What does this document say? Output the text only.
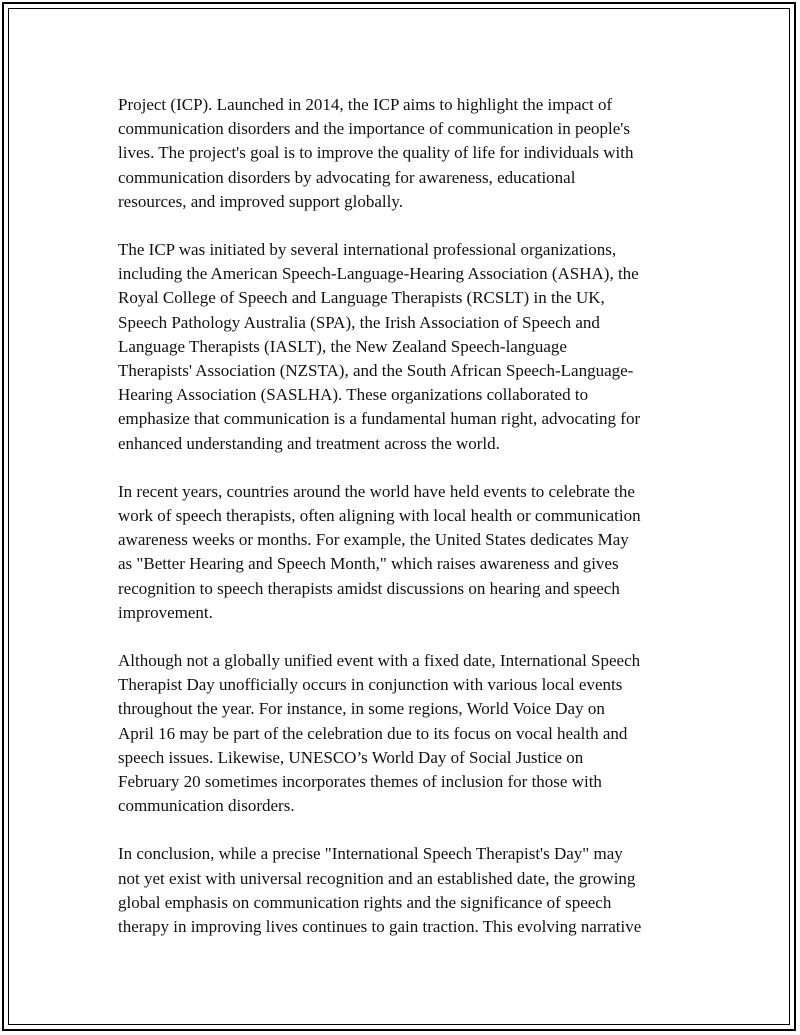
Project (ICP). Launched in 2014, the ICP aims to highlight the impact of
communication disorders and the importance of communication in people's
lives. The project's goal is to improve the quality of life for individuals with
communication disorders by advocating for awareness, educational
resources, and improved support globally.

The ICP was initiated by several international professional organizations,
including the American Speech-Language-Hearing Association (ASHA), the
Royal College of Speech and Language Therapists (RCSLT) in the UK,
Speech Pathology Australia (SPA), the Irish Association of Speech and
Language Therapists (IASLT), the New Zealand Speech-language
Therapists' Association (NZSTA), and the South African Speech-Language-
Hearing Association (SASLHA). These organizations collaborated to
emphasize that communication is a fundamental human right, advocating for
enhanced understanding and treatment across the world.

In recent years, countries around the world have held events to celebrate the
work of speech therapists, often aligning with local health or communication
awareness weeks or months. For example, the United States dedicates May
as "Better Hearing and Speech Month," which raises awareness and gives
recognition to speech therapists amidst discussions on hearing and speech
improvement.

Although not a globally unified event with a fixed date, International Speech
Therapist Day unofficially occurs in conjunction with various local events
throughout the year. For instance, in some regions, World Voice Day on
April 16 may be part of the celebration due to its focus on vocal health and
speech issues. Likewise, UNESCO’s World Day of Social Justice on
February 20 sometimes incorporates themes of inclusion for those with
communication disorders.

In conclusion, while a precise "International Speech Therapist's Day" may
not yet exist with universal recognition and an established date, the growing
global emphasis on communication rights and the significance of speech
therapy in improving lives continues to gain traction. This evolving narrative
